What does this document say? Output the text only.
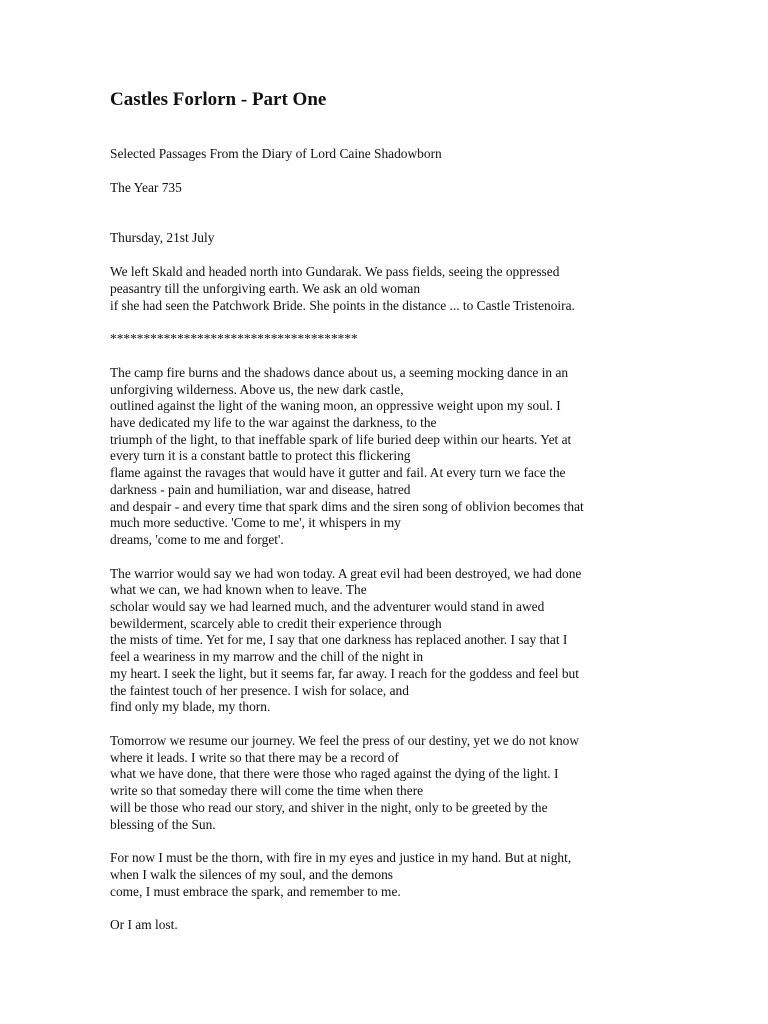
Castles Forlorn - Part One

Selected Passages From the Diary of Lord Caine Shadowborn

The Year 735

Thursday, 21st July

We left Skald and headed north into Gundarak. We pass fields, seeing the oppressed
peasantry till the unforgiving earth. We ask an old woman
if she had seen the Patchwork Bride. She points in the distance ... to Castle Tristenoira.

*************************************

The camp fire burns and the shadows dance about us, a seeming mocking dance in an
unforgiving wilderness. Above us, the new dark castle,
outlined against the light of the waning moon, an oppressive weight upon my soul. I
have dedicated my life to the war against the darkness, to the
triumph of the light, to that ineffable spark of life buried deep within our hearts. Yet at
every turn it is a constant battle to protect this flickering
flame against the ravages that would have it gutter and fail. At every turn we face the
darkness - pain and humiliation, war and disease, hatred
and despair - and every time that spark dims and the siren song of oblivion becomes that
much more seductive. 'Come to me', it whispers in my
dreams, 'come to me and forget'.

The warrior would say we had won today. A great evil had been destroyed, we had done
what we can, we had known when to leave. The
scholar would say we had learned much, and the adventurer would stand in awed
bewilderment, scarcely able to credit their experience through
the mists of time. Yet for me, I say that one darkness has replaced another. I say that I
feel a weariness in my marrow and the chill of the night in
my heart. I seek the light, but it seems far, far away. I reach for the goddess and feel but
the faintest touch of her presence. I wish for solace, and
find only my blade, my thorn.

Tomorrow we resume our journey. We feel the press of our destiny, yet we do not know
where it leads. I write so that there may be a record of
what we have done, that there were those who raged against the dying of the light. I
write so that someday there will come the time when there
will be those who read our story, and shiver in the night, only to be greeted by the
blessing of the Sun.

For now I must be the thorn, with fire in my eyes and justice in my hand. But at night,
when I walk the silences of my soul, and the demons
come, I must embrace the spark, and remember to me.

Or I am lost.
